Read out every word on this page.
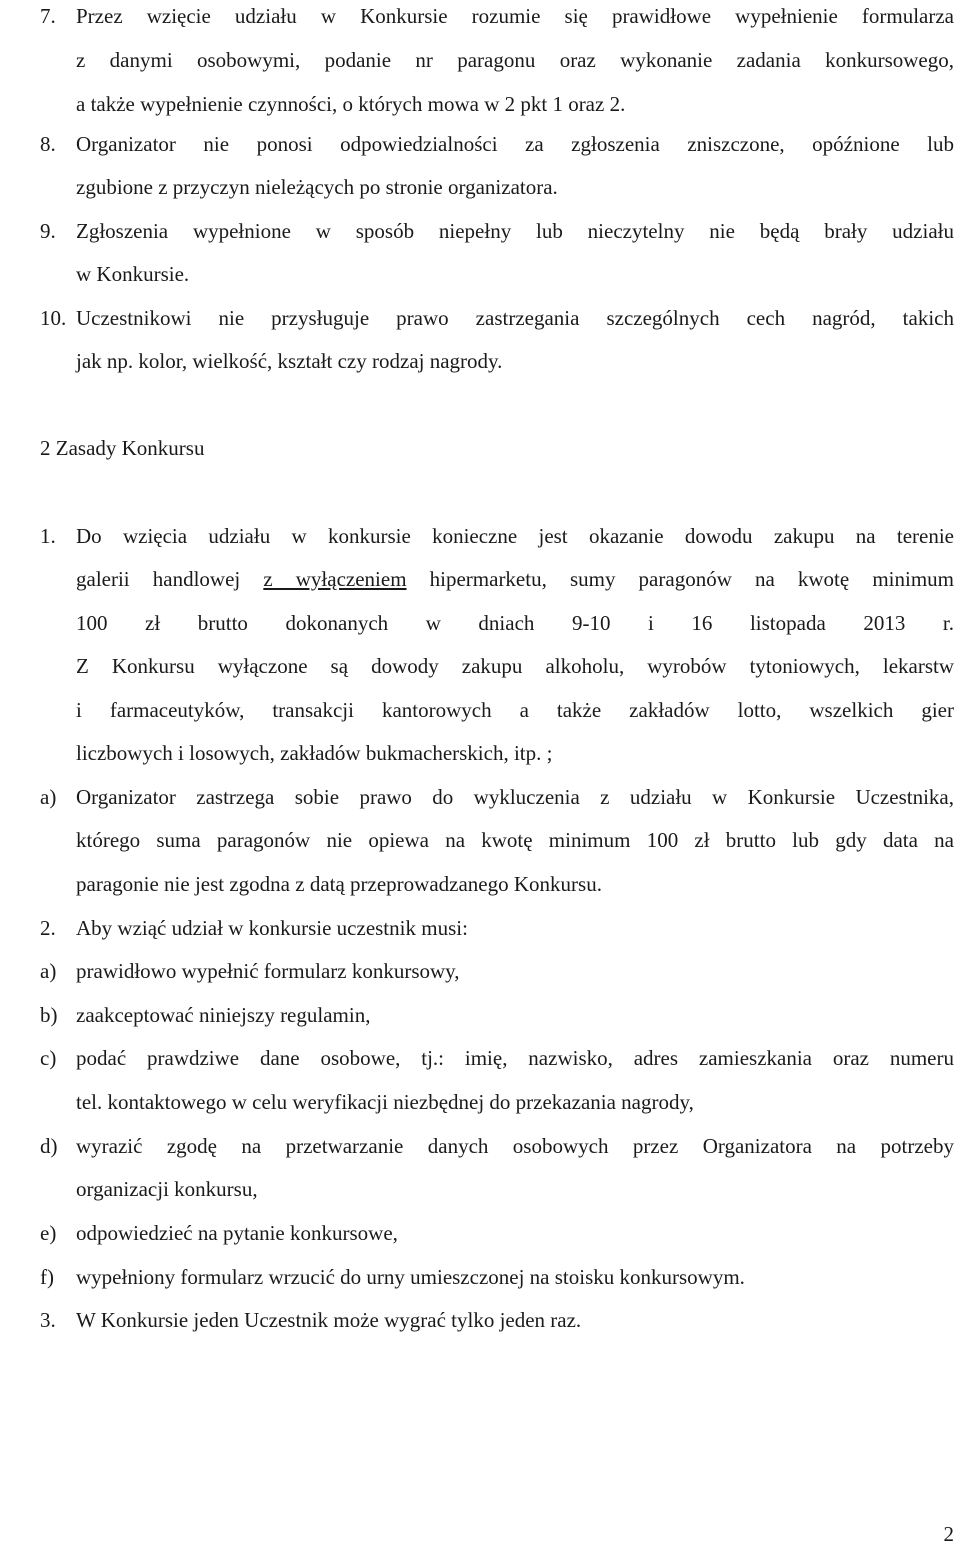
7. Przez wzięcie udziału w Konkursie rozumie się prawidłowe wypełnienie formularza
z danymi osobowymi, podanie nr paragonu oraz wykonanie zadania konkursowego,
a także wypełnienie czynności, o których mowa w 2 pkt 1 oraz 2.
8. Organizator nie ponosi odpowiedzialności za zgłoszenia zniszczone, opóźnione lub
zgubione z przyczyn nieleżących po stronie organizatora.
9. Zgłoszenia wypełnione w sposób niepełny lub nieczytelny nie będą brały udziału
w Konkursie.
10. Uczestnikowi nie przysługuje prawo zastrzegania szczególnych cech nagród, takich
jak np. kolor, wielkość, kształt czy rodzaj nagrody.
2 Zasady Konkursu
1. Do wzięcia udziału w konkursie konieczne jest okazanie dowodu zakupu na terenie
galerii handlowej z wyłączeniem hipermarketu, sumy paragonów na kwotę minimum
100 zł brutto dokonanych w dniach 9-10 i 16 listopada 2013 r.
Z Konkursu wyłączone są dowody zakupu alkoholu, wyrobów tytoniowych, lekarstw
i farmaceutyków, transakcji kantorowych a także zakładów lotto, wszelkich gier
liczbowych i losowych, zakładów bukmacherskich, itp. ;
a) Organizator zastrzega sobie prawo do wykluczenia z udziału w Konkursie Uczestnika,
którego suma paragonów nie opiewa na kwotę minimum 100 zł brutto lub gdy data na
paragonie nie jest zgodna z datą przeprowadzanego Konkursu.
2. Aby wziąć udział w konkursie uczestnik musi:
a) prawidłowo wypełnić formularz konkursowy,
b) zaakceptować niniejszy regulamin,
c) podać prawdziwe dane osobowe, tj.: imię, nazwisko, adres zamieszkania oraz numeru
tel. kontaktowego w celu weryfikacji niezbędnej do przekazania nagrody,
d) wyrazić zgodę na przetwarzanie danych osobowych przez Organizatora na potrzeby
organizacji konkursu,
e) odpowiedzieć na pytanie konkursowe,
f) wypełniony formularz wrzucić do urny umieszczonej na stoisku konkursowym.
3. W Konkursie jeden Uczestnik może wygrać tylko jeden raz.
2
